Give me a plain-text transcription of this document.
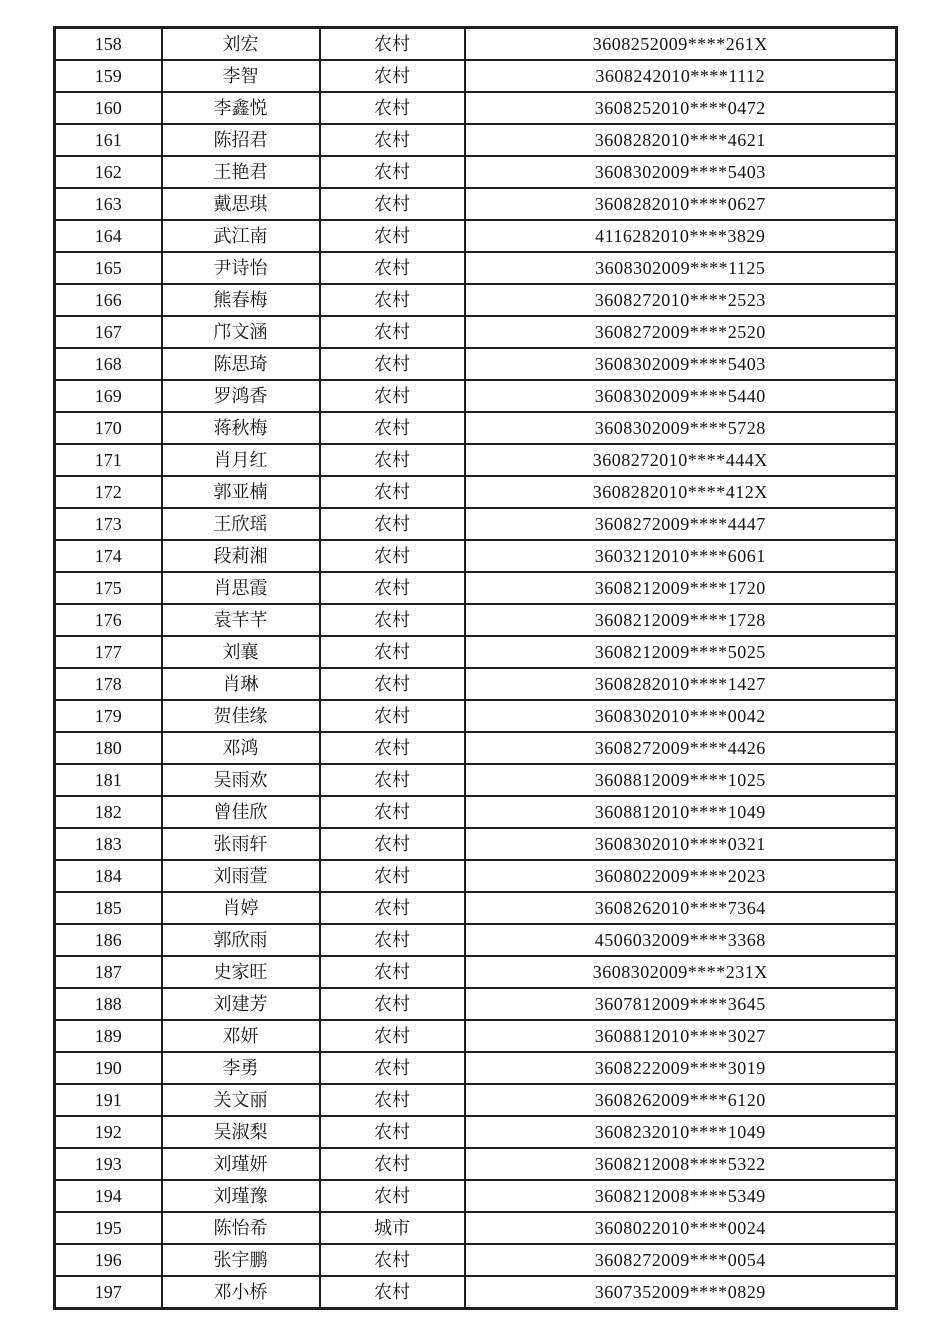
158	刘宏	农村	3608252009****261X
159	李智	农村	3608242010****1112
160	李鑫悦	农村	3608252010****0472
161	陈招君	农村	3608282010****4621
162	王艳君	农村	3608302009****5403
163	戴思琪	农村	3608282010****0627
164	武江南	农村	4116282010****3829
165	尹诗怡	农村	3608302009****1125
166	熊春梅	农村	3608272010****2523
167	邝文涵	农村	3608272009****2520
168	陈思琦	农村	3608302009****5403
169	罗鸿香	农村	3608302009****5440
170	蒋秋梅	农村	3608302009****5728
171	肖月红	农村	3608272010****444X
172	郭亚楠	农村	3608282010****412X
173	王欣瑶	农村	3608272009****4447
174	段莉湘	农村	3603212010****6061
175	肖思霞	农村	3608212009****1720
176	袁芊芊	农村	3608212009****1728
177	刘襄	农村	3608212009****5025
178	肖琳	农村	3608282010****1427
179	贺佳缘	农村	3608302010****0042
180	邓鸿	农村	3608272009****4426
181	吴雨欢	农村	3608812009****1025
182	曾佳欣	农村	3608812010****1049
183	张雨轩	农村	3608302010****0321
184	刘雨萱	农村	3608022009****2023
185	肖婷	农村	3608262010****7364
186	郭欣雨	农村	4506032009****3368
187	史家旺	农村	3608302009****231X
188	刘建芳	农村	3607812009****3645
189	邓妍	农村	3608812010****3027
190	李勇	农村	3608222009****3019
191	关文丽	农村	3608262009****6120
192	吴淑梨	农村	3608232010****1049
193	刘瑾妍	农村	3608212008****5322
194	刘瑾豫	农村	3608212008****5349
195	陈怡希	城市	3608022010****0024
196	张宇鹏	农村	3608272009****0054
197	邓小桥	农村	3607352009****0829
